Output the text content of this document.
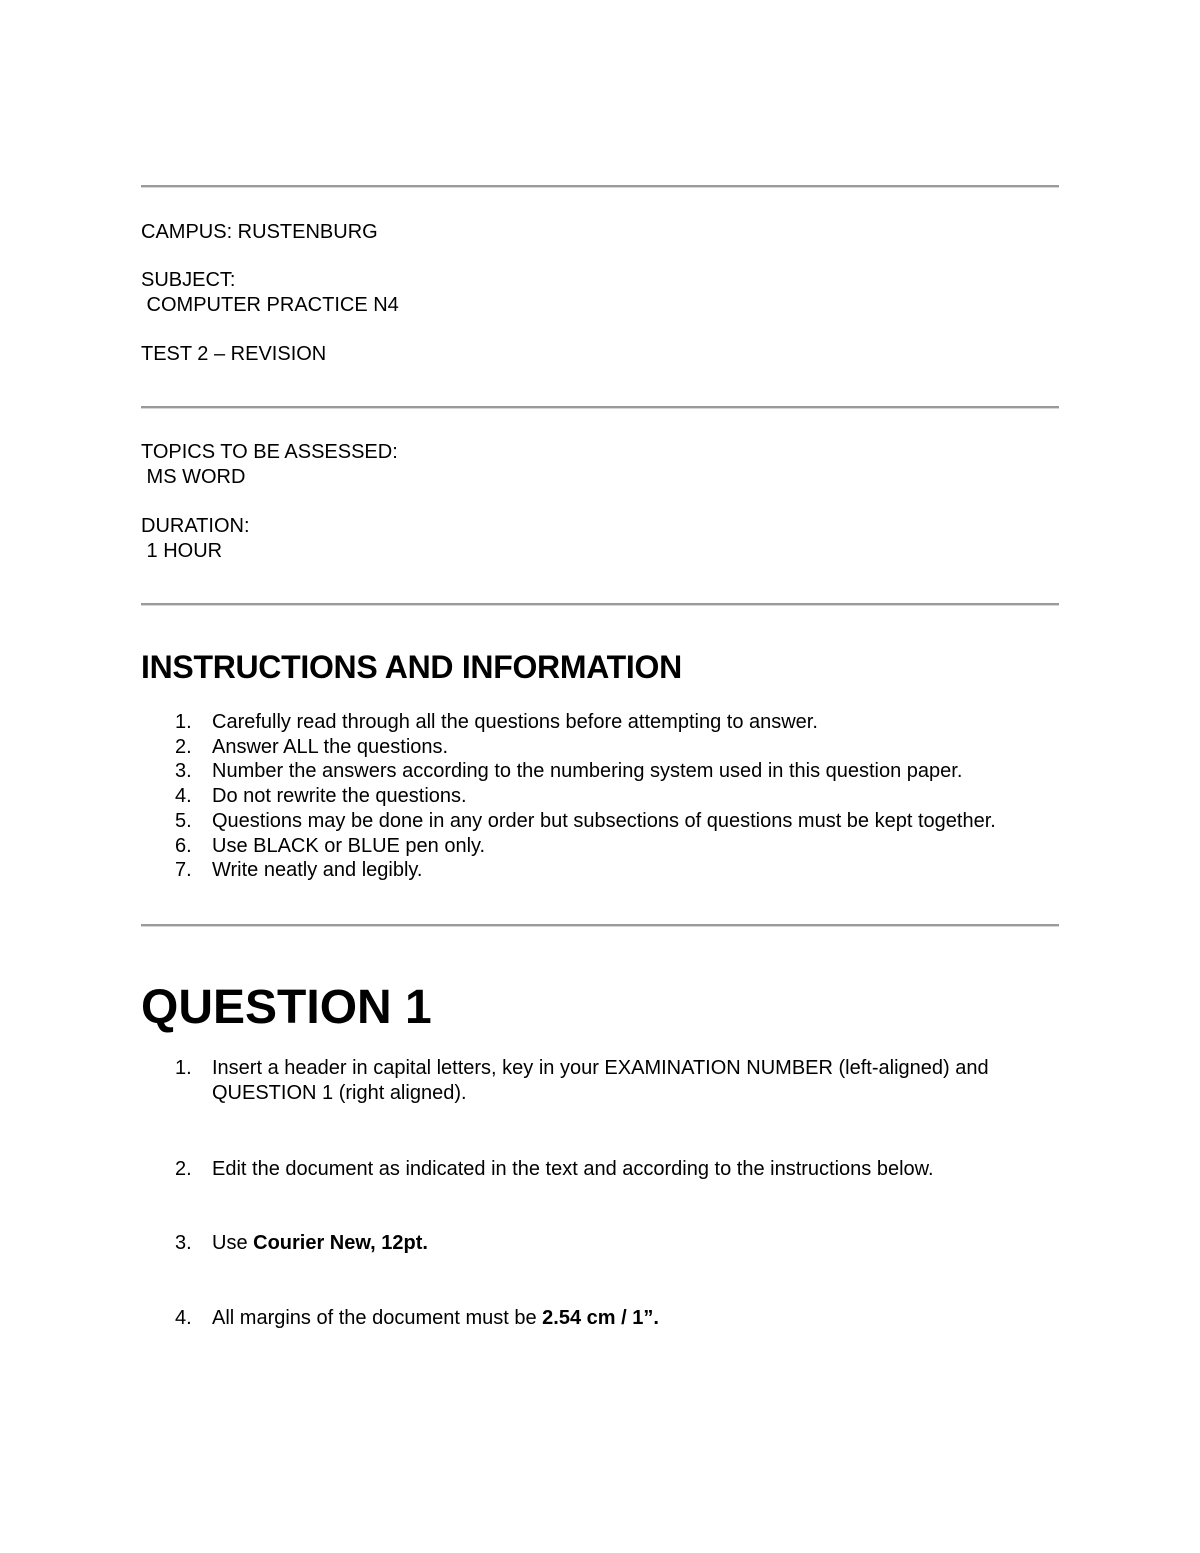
CAMPUS: RUSTENBURG

SUBJECT:

COMPUTER PRACTICE N4

TEST 2 – REVISION

TOPICS TO BE ASSESSED:

MS WORD

DURATION:

1 HOUR

INSTRUCTIONS AND INFORMATION
1. Carefully read through all the questions before attempting to answer.
2. Answer ALL the questions.
3. Number the answers according to the numbering system used in this question paper.
4. Do not rewrite the questions.
5. Questions may be done in any order but subsections of questions must be kept together.
6. Use BLACK or BLUE pen only.
7. Write neatly and legibly.
QUESTION 1
1. Insert a header in capital letters, key in your EXAMINATION NUMBER (left-aligned) and QUESTION 1 (right aligned).
2. Edit the document as indicated in the text and according to the instructions below.
3. Use Courier New, 12pt.
4. All margins of the document must be 2.54 cm / 1”.
